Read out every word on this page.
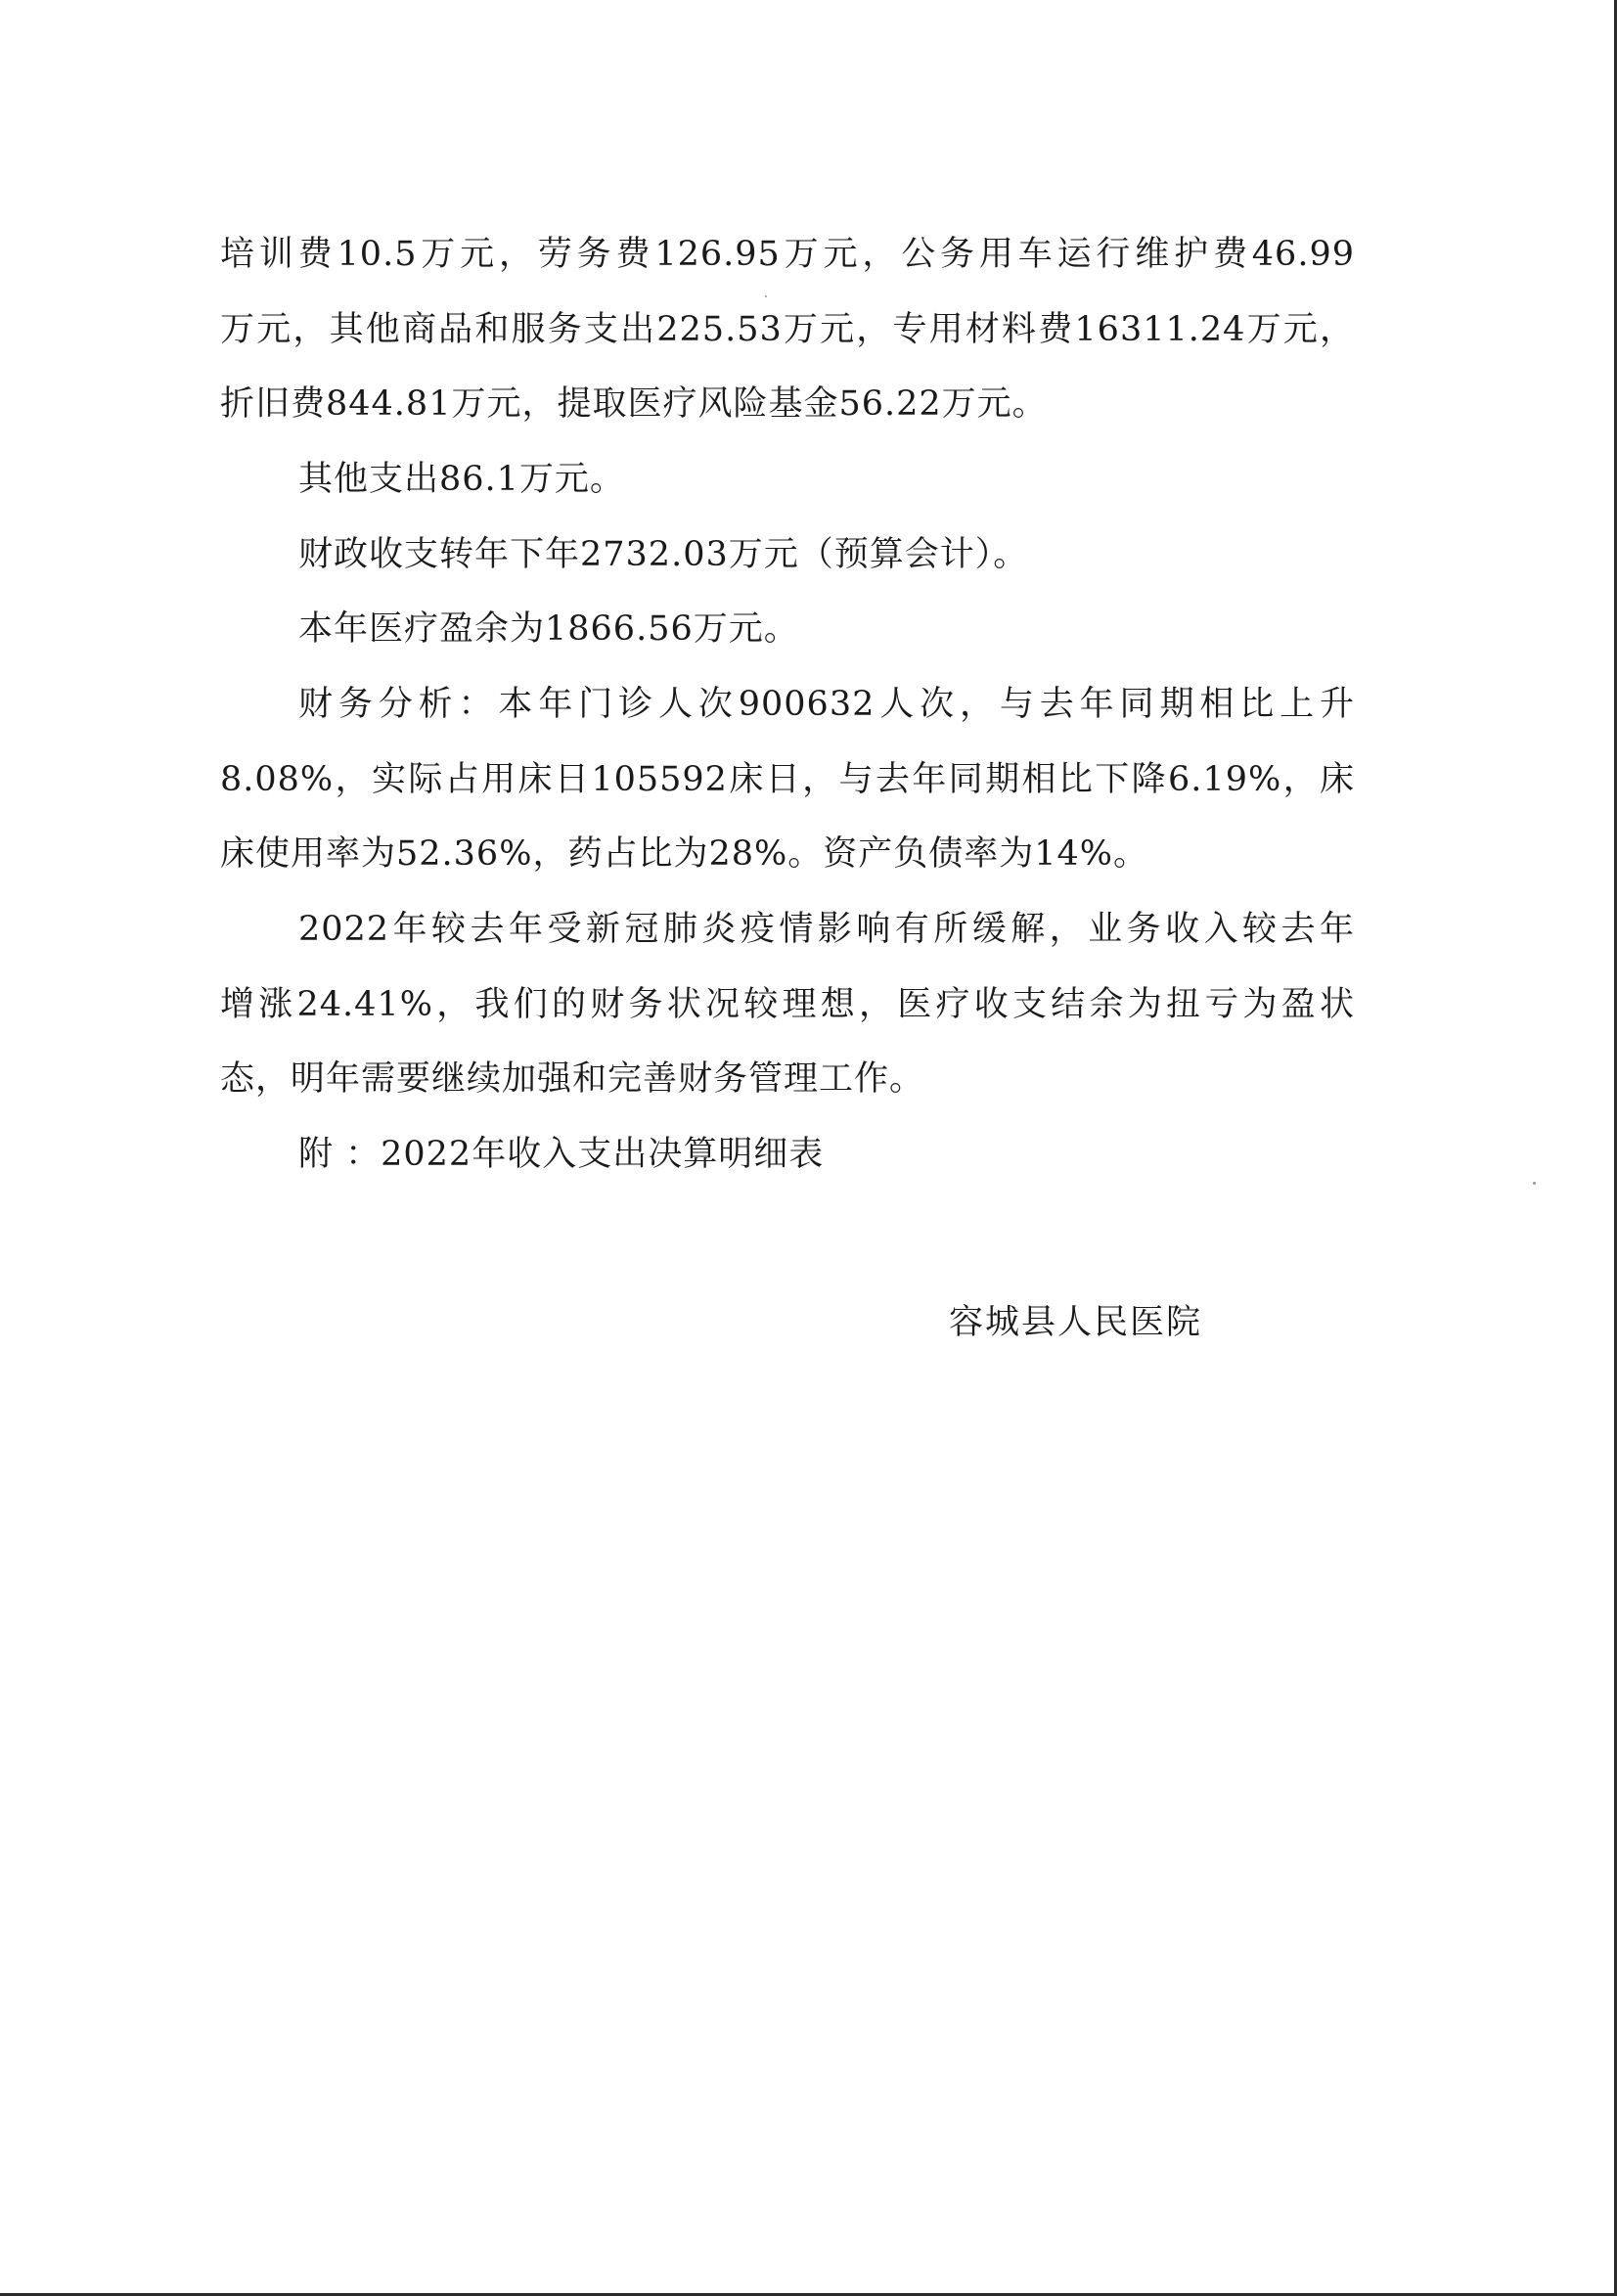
培训费10.5万元，劳务费126.95万元，公务用车运行维护费46.99
万元，其他商品和服务支出225.53万元，专用材料费16311.24万元，
折旧费844.81万元，提取医疗风险基金56.22万元。
其他支出86.1万元。
财政收支转年下年2732.03万元（预算会计）。
本年医疗盈余为1866.56万元。
财务分析：本年门诊人次900632人次，与去年同期相比上升
8.08%，实际占用床日105592床日，与去年同期相比下降6.19%，床
床使用率为52.36%，药占比为28%。资产负债率为14%。
2022年较去年受新冠肺炎疫情影响有所缓解，业务收入较去年
增涨24.41%，我们的财务状况较理想，医疗收支结余为扭亏为盈状
态，明年需要继续加强和完善财务管理工作。
附 ：2022年收入支出决算明细表
容城县人民医院
